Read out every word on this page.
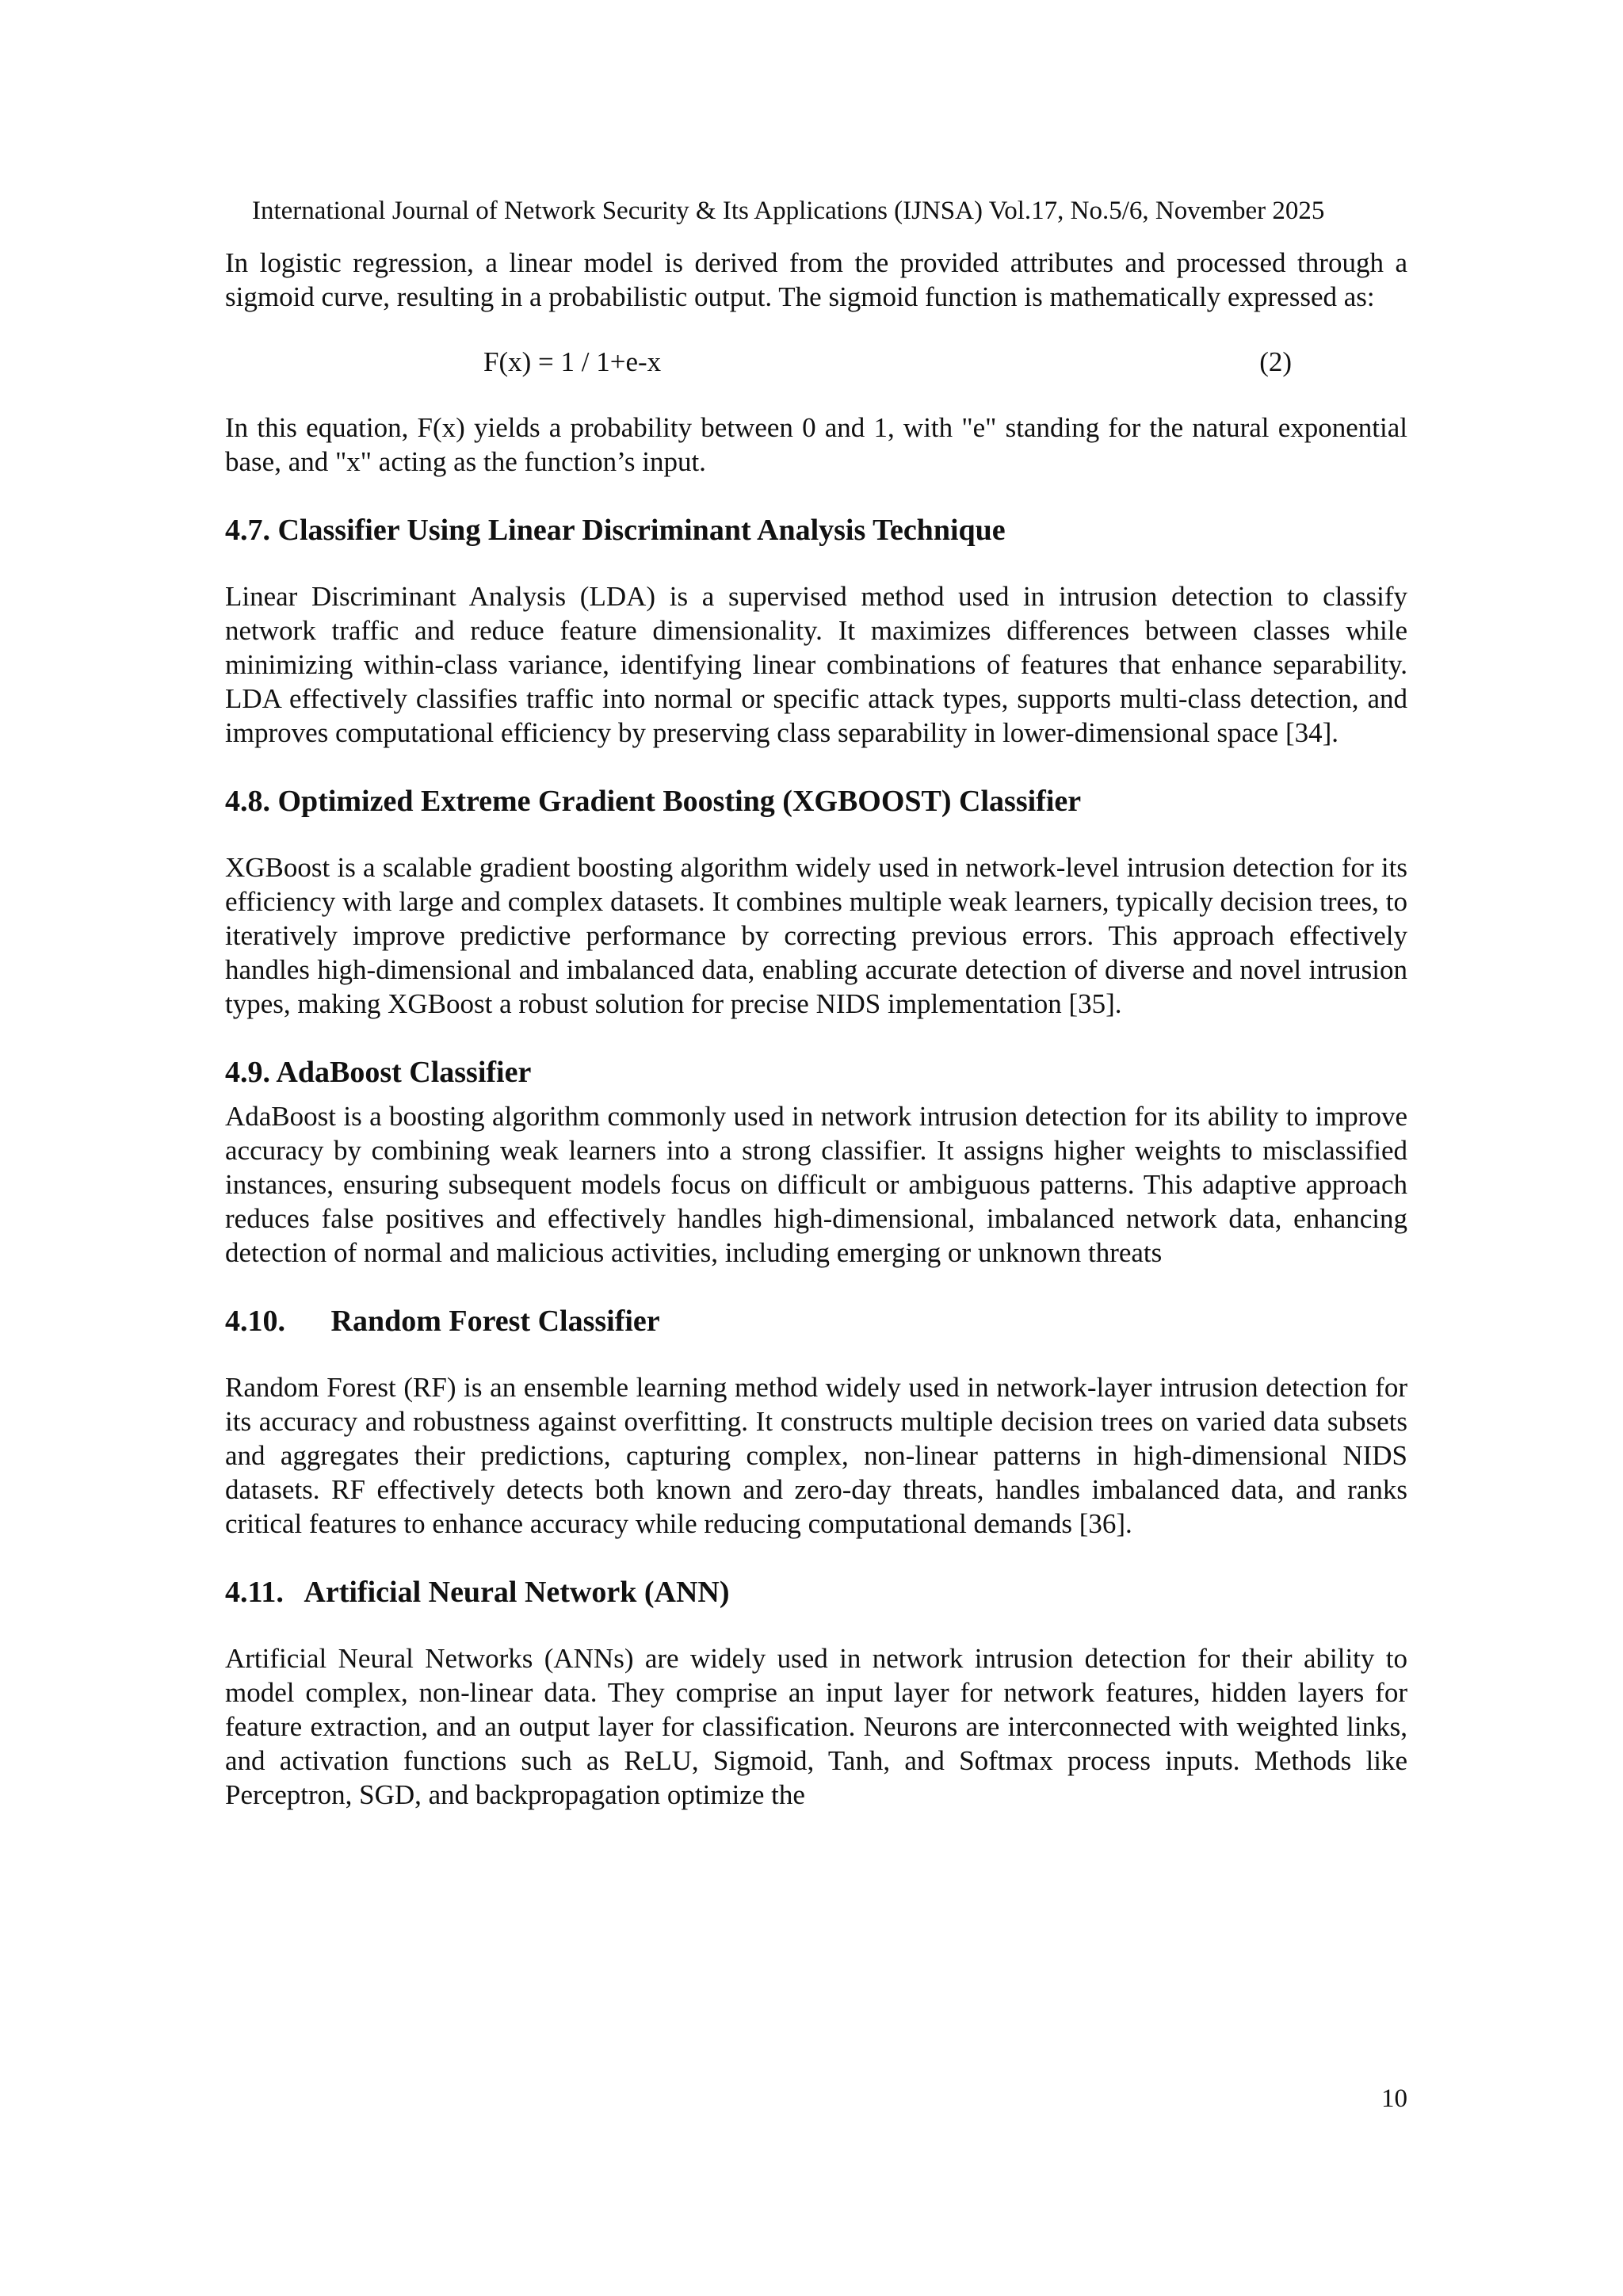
International Journal of Network Security & Its Applications (IJNSA) Vol.17, No.5/6, November 2025

In logistic regression, a linear model is derived from the provided attributes and processed through a sigmoid curve, resulting in a probabilistic output. The sigmoid function is mathematically expressed as:

F(x) = 1 / 1+e-x	(2)

In this equation, F(x) yields a probability between 0 and 1, with "e" standing for the natural exponential base, and "x" acting as the function’s input.

4.7. Classifier Using Linear Discriminant Analysis Technique

Linear Discriminant Analysis (LDA) is a supervised method used in intrusion detection to classify network traffic and reduce feature dimensionality. It maximizes differences between classes while minimizing within-class variance, identifying linear combinations of features that enhance separability. LDA effectively classifies traffic into normal or specific attack types, supports multi-class detection, and improves computational efficiency by preserving class separability in lower-dimensional space [34].

4.8. Optimized Extreme Gradient Boosting (XGBOOST) Classifier

XGBoost is a scalable gradient boosting algorithm widely used in network-level intrusion detection for its efficiency with large and complex datasets. It combines multiple weak learners, typically decision trees, to iteratively improve predictive performance by correcting previous errors. This approach effectively handles high-dimensional and imbalanced data, enabling accurate detection of diverse and novel intrusion types, making XGBoost a robust solution for precise NIDS implementation [35].

4.9. AdaBoost Classifier

AdaBoost is a boosting algorithm commonly used in network intrusion detection for its ability to improve accuracy by combining weak learners into a strong classifier. It assigns higher weights to misclassified instances, ensuring subsequent models focus on difficult or ambiguous patterns. This adaptive approach reduces false positives and effectively handles high-dimensional, imbalanced network data, enhancing detection of normal and malicious activities, including emerging or unknown threats

4.10. Random Forest Classifier

Random Forest (RF) is an ensemble learning method widely used in network-layer intrusion detection for its accuracy and robustness against overfitting. It constructs multiple decision trees on varied data subsets and aggregates their predictions, capturing complex, non-linear patterns in high-dimensional NIDS datasets. RF effectively detects both known and zero-day threats, handles imbalanced data, and ranks critical features to enhance accuracy while reducing computational demands [36].

4.11. Artificial Neural Network (ANN)

Artificial Neural Networks (ANNs) are widely used in network intrusion detection for their ability to model complex, non-linear data. They comprise an input layer for network features, hidden layers for feature extraction, and an output layer for classification. Neurons are interconnected with weighted links, and activation functions such as ReLU, Sigmoid, Tanh, and Softmax process inputs. Methods like Perceptron, SGD, and backpropagation optimize the

10
